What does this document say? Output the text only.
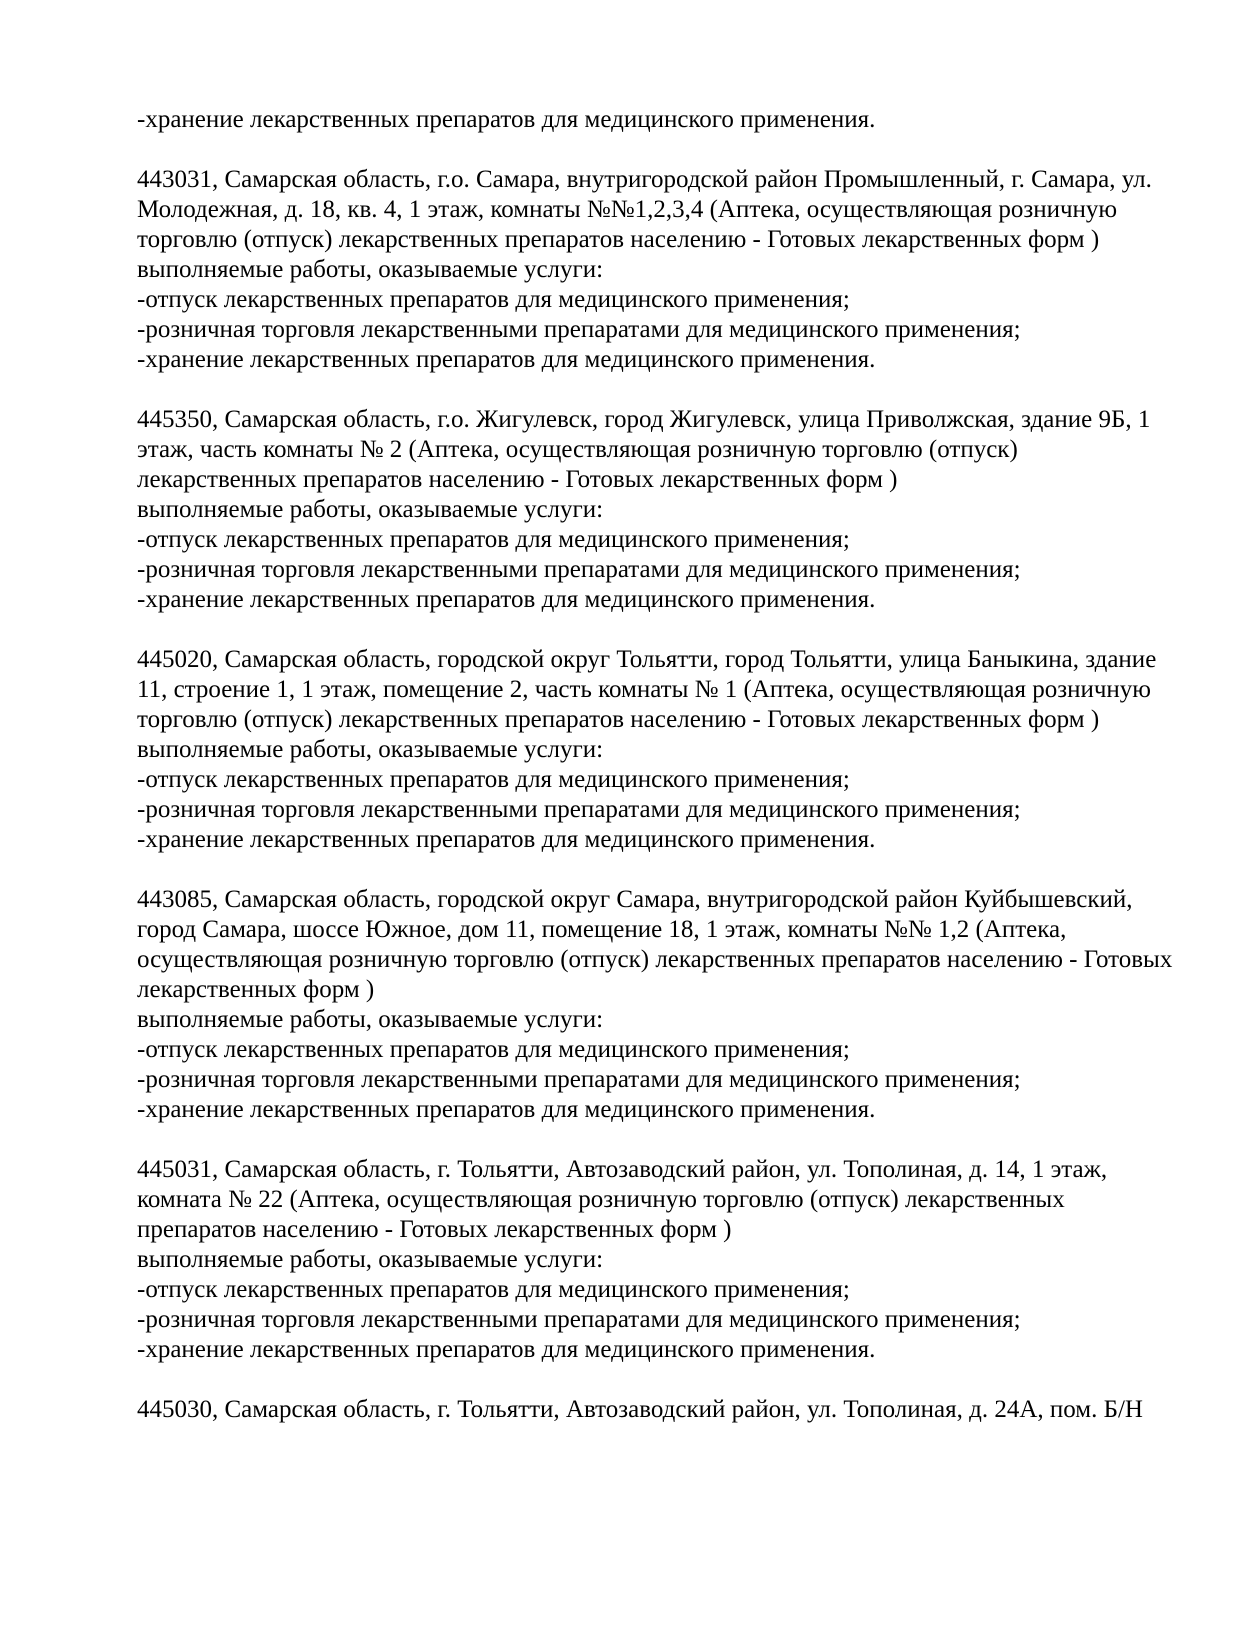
-хранение лекарственных препаратов для медицинского применения.
443031, Самарская область, г.о. Самара, внутригородской район Промышленный, г. Самара, ул.
Молодежная, д. 18, кв. 4, 1 этаж, комнаты №№1,2,3,4 (Аптека, осуществляющая розничную
торговлю (отпуск) лекарственных препаратов населению - Готовых лекарственных форм )
выполняемые работы, оказываемые услуги:
-отпуск лекарственных препаратов для медицинского применения;
-розничная торговля лекарственными препаратами для медицинского применения;
-хранение лекарственных препаратов для медицинского применения.
445350, Самарская область, г.о. Жигулевск, город Жигулевск, улица Приволжская, здание 9Б, 1
этаж, часть комнаты № 2 (Аптека, осуществляющая розничную торговлю (отпуск)
лекарственных препаратов населению - Готовых лекарственных форм )
выполняемые работы, оказываемые услуги:
-отпуск лекарственных препаратов для медицинского применения;
-розничная торговля лекарственными препаратами для медицинского применения;
-хранение лекарственных препаратов для медицинского применения.
445020, Самарская область, городской округ Тольятти, город Тольятти, улица Баныкина, здание
11, строение 1, 1 этаж, помещение 2, часть комнаты № 1 (Аптека, осуществляющая розничную
торговлю (отпуск) лекарственных препаратов населению - Готовых лекарственных форм )
выполняемые работы, оказываемые услуги:
-отпуск лекарственных препаратов для медицинского применения;
-розничная торговля лекарственными препаратами для медицинского применения;
-хранение лекарственных препаратов для медицинского применения.
443085, Самарская область, городской округ Самара, внутригородской район Куйбышевский,
город Самара, шоссе Южное, дом 11, помещение 18, 1 этаж, комнаты №№ 1,2 (Аптека,
осуществляющая розничную торговлю (отпуск) лекарственных препаратов населению - Готовых
лекарственных форм )
выполняемые работы, оказываемые услуги:
-отпуск лекарственных препаратов для медицинского применения;
-розничная торговля лекарственными препаратами для медицинского применения;
-хранение лекарственных препаратов для медицинского применения.
445031, Самарская область, г. Тольятти, Автозаводский район, ул. Тополиная, д. 14, 1 этаж,
комната № 22 (Аптека, осуществляющая розничную торговлю (отпуск) лекарственных
препаратов населению - Готовых лекарственных форм )
выполняемые работы, оказываемые услуги:
-отпуск лекарственных препаратов для медицинского применения;
-розничная торговля лекарственными препаратами для медицинского применения;
-хранение лекарственных препаратов для медицинского применения.
445030, Самарская область, г. Тольятти, Автозаводский район, ул. Тополиная, д. 24А, пом. Б/Н
